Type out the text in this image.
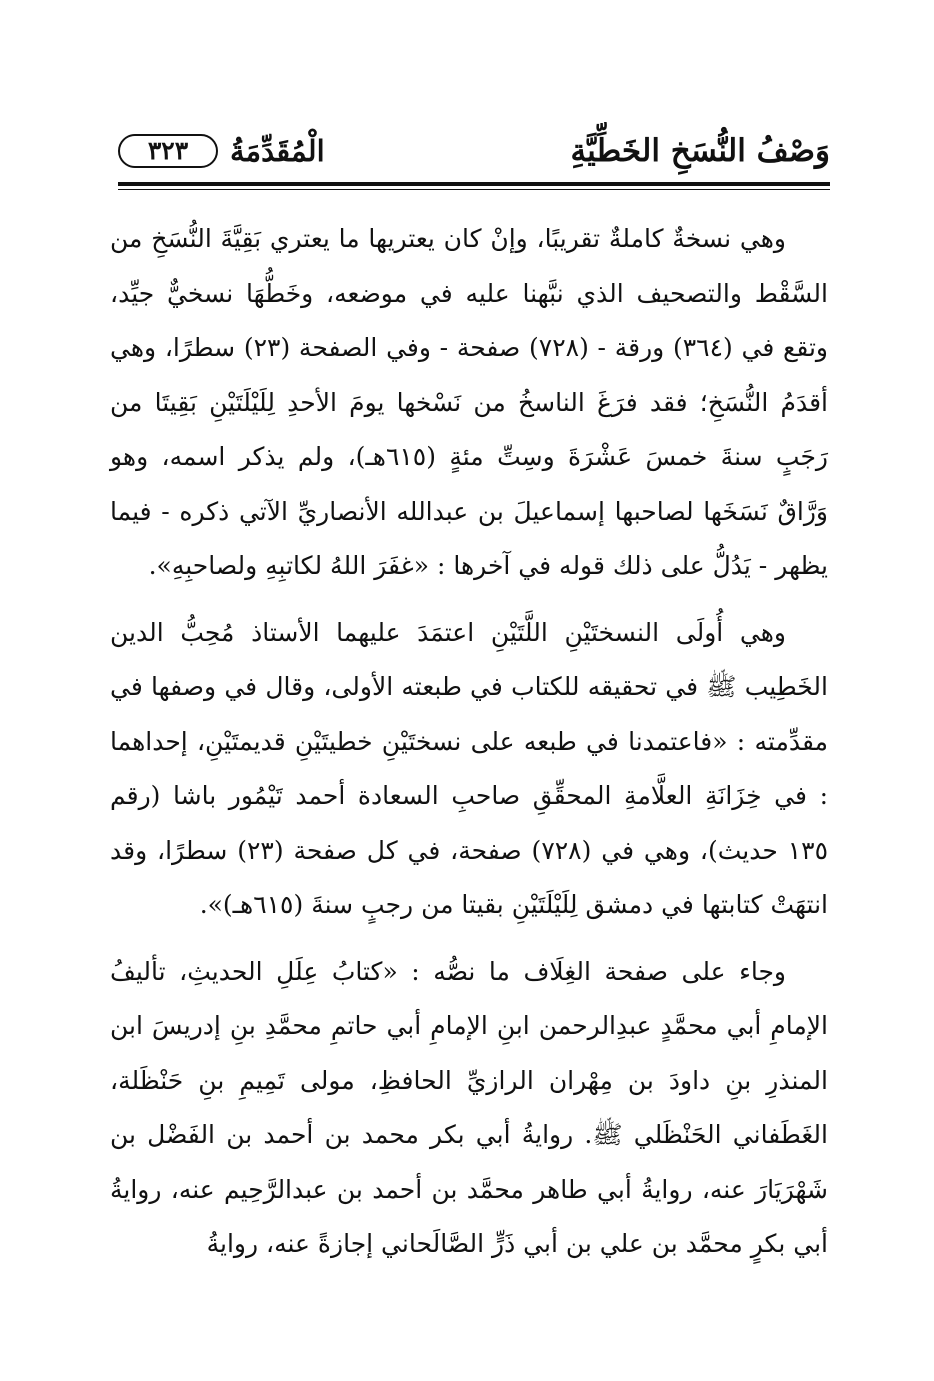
وَصْفُ النُّسَخِ الخَطِّيَّةِ
الْمُقَدِّمَةُ
٣٢٣

وهي نسخةٌ كاملةٌ تقريبًا، وإنْ كان يعتريها ما يعتري بَقِيَّةَ النُّسَخِ من السَّقْط والتصحيف الذي نبَّهنا عليه في موضعه، وخَطُّهَا نسخيٌّ جيِّد، وتقع في (٣٦٤) ورقة - (٧٢٨) صفحة - وفي الصفحة (٢٣) سطرًا، وهي أقدَمُ النُّسَخِ؛ فقد فرَغَ الناسخُ من نَسْخها يومَ الأحدِ لِلَيْلَتَيْنِ بَقِيتَا من رَجَبٍ سنةَ خمسَ عَشْرَةَ وسِتِّ مئةٍ (٦١٥هـ)، ولم يذكر اسمه، وهو وَرَّاقٌ نَسَخَها لصاحبها إسماعيلَ بن عبدالله الأنصاريِّ الآتي ذكره - فيما يظهر - يَدُلُّ على ذلك قوله في آخرها : «غفَرَ اللهُ لكاتبِهِ ولصاحبِهِ».

وهي أُولَى النسختَيْنِ اللَّتَيْنِ اعتمَدَ عليهما الأستاذ مُحِبُّ الدين الخَطِيب ﷺ في تحقيقه للكتاب في طبعته الأولى، وقال في وصفها في مقدِّمته : «فاعتمدنا في طبعه على نسختَيْنِ خطيتَيْنِ قديمتَيْنِ، إحداهما : في خِزَانَةِ العلَّامةِ المحقِّقِ صاحبِ السعادة أحمد تَيْمُور باشا (رقم ١٣٥ حديث)، وهي في (٧٢٨) صفحة، في كل صفحة (٢٣) سطرًا، وقد انتهَتْ كتابتها في دمشق لِلَيْلَتَيْنِ بقيتا من رجبٍ سنةَ (٦١٥هـ)».

وجاء على صفحة الغِلَاف ما نصُّه : «كتابُ عِلَلِ الحديثِ، تأليفُ الإمامِ أبي محمَّدٍ عبدِالرحمن ابنِ الإمامِ أبي حاتمِ محمَّدِ بنِ إدريسَ ابن المنذرِ بنِ داودَ بن مِهْران الرازيِّ الحافظِ، مولى تَمِيمِ بنِ حَنْظَلة، الغَطَفاني الحَنْظَلي ﷺ. روايةُ أبي بكر محمد بن أحمد بن الفَضْل بن شَهْرَيَارَ عنه، روايةُ أبي طاهر محمَّد بن أحمد بن عبدالرَّحِيم عنه، روايةُ أبي بكرٍ محمَّد بن علي بن أبي ذَرٍّ الصَّالَحاني إجازةً عنه، روايةُ
